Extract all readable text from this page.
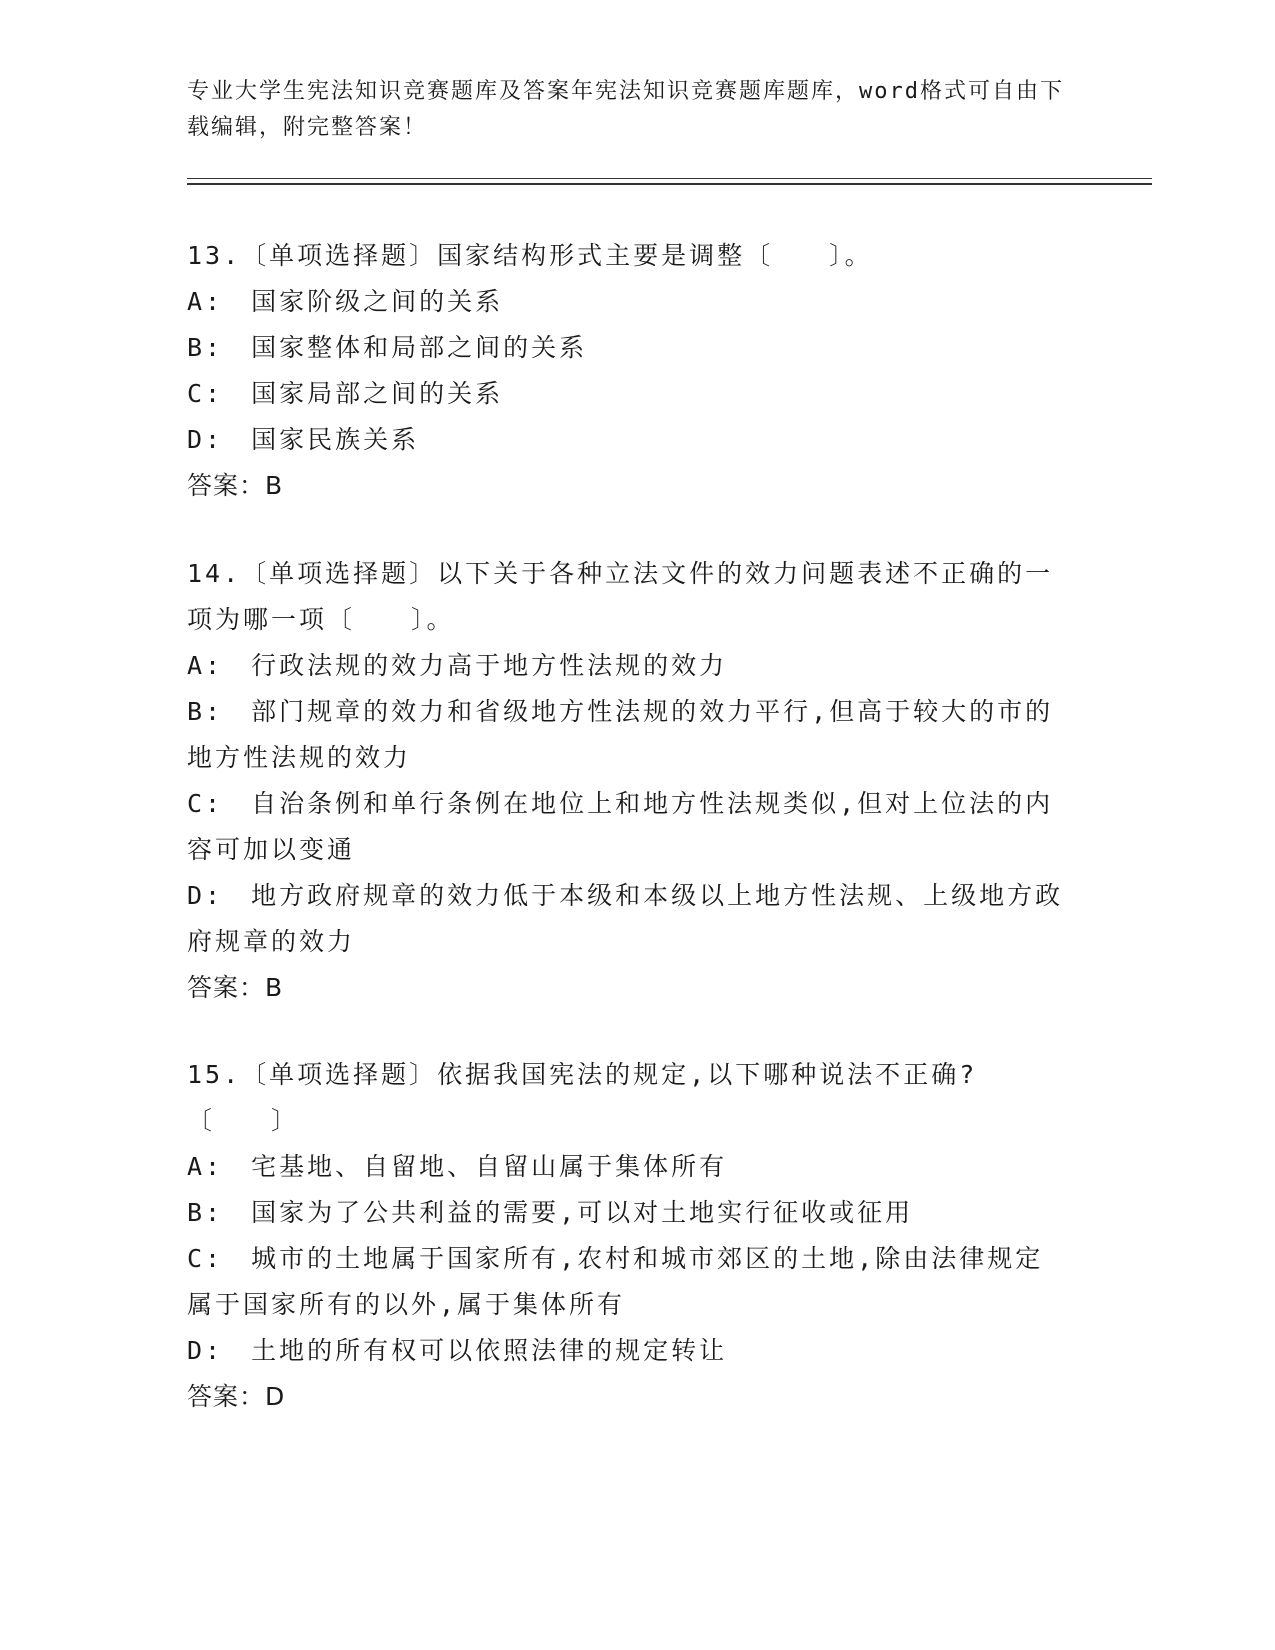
专业大学生宪法知识竞赛题库及答案年宪法知识竞赛题库题库，word格式可自由下载编辑，附完整答案！

13.〔单项选择题〕国家结构形式主要是调整〔　　〕。

A:　国家阶级之间的关系

B:　国家整体和局部之间的关系

C:　国家局部之间的关系

D:　国家民族关系

答案：B

14.〔单项选择题〕以下关于各种立法文件的效力问题表述不正确的一项为哪一项〔　　〕。

A:　行政法规的效力高于地方性法规的效力

B:　部门规章的效力和省级地方性法规的效力平行,但高于较大的市的地方性法规的效力

C:　自治条例和单行条例在地位上和地方性法规类似,但对上位法的内容可加以变通

D:　地方政府规章的效力低于本级和本级以上地方性法规、上级地方政府规章的效力

答案：B

15.〔单项选择题〕依据我国宪法的规定,以下哪种说法不正确?〔　　〕

A:　宅基地、自留地、自留山属于集体所有

B:　国家为了公共利益的需要,可以对土地实行征收或征用

C:　城市的土地属于国家所有,农村和城市郊区的土地,除由法律规定属于国家所有的以外,属于集体所有

D:　土地的所有权可以依照法律的规定转让

答案：D
